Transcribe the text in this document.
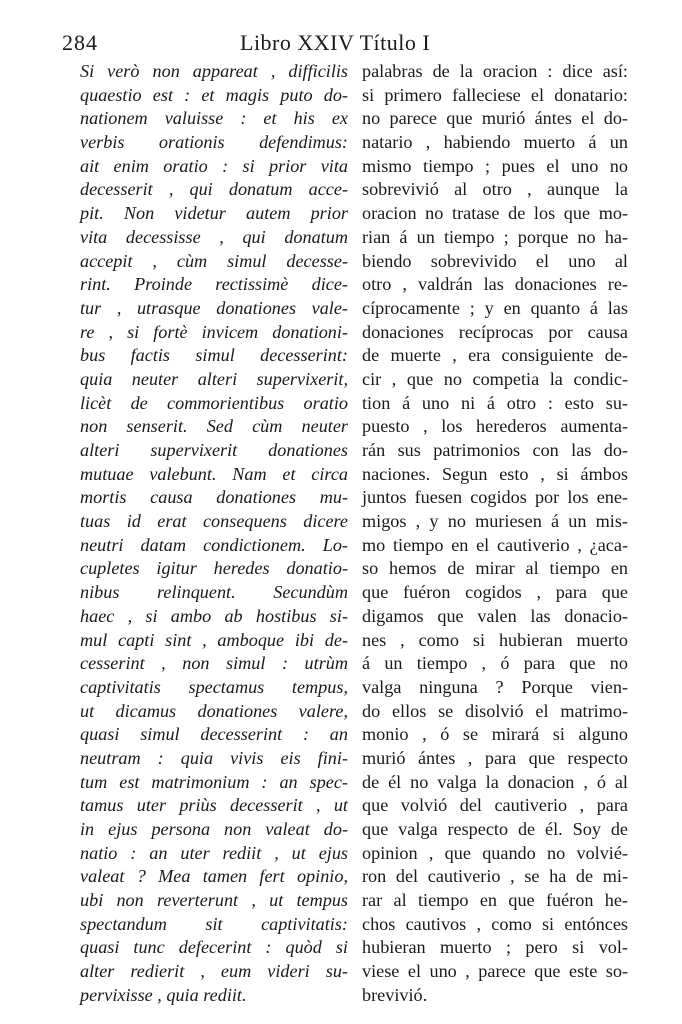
284	Libro XXIV Título I
Si verò non appareat , difficilis
quaestio est : et magis puto do-
nationem valuisse : et his ex
verbis orationis defendimus:
ait enim oratio : si prior vita
decesserit , qui donatum acce-
pit. Non videtur autem prior
vita decessisse , qui donatum
accepit , cùm simul decesse-
rint. Proinde rectissimè dice-
tur , utrasque donationes vale-
re , si fortè invicem donationi-
bus factis simul decesserint:
quia neuter alteri supervixerit,
licèt de commorientibus oratio
non senserit. Sed cùm neuter
alteri supervixerit donationes
mutuae valebunt. Nam et circa
mortis causa donationes mu-
tuas id erat consequens dicere
neutri datam condictionem. Lo-
cupletes igitur heredes donatio-
nibus relinquent. Secundùm
haec , si ambo ab hostibus si-
mul capti sint , amboque ibi de-
cesserint , non simul : utrùm
captivitatis spectamus tempus,
ut dicamus donationes valere,
quasi simul decesserint : an
neutram : quia vivis eis fini-
tum est matrimonium : an spec-
tamus uter priùs decesserit , ut
in ejus persona non valeat do-
natio : an uter rediit , ut ejus
valeat ? Mea tamen fert opinio,
ubi non reverterunt , ut tempus
spectandum sit captivitatis:
quasi tunc defecerint : quòd si
alter redierit , eum videri su-
pervixisse , quia rediit.
palabras de la oracion : dice así:
si primero falleciese el donatario:
no parece que murió ántes el do-
natario , habiendo muerto á un
mismo tiempo ; pues el uno no
sobrevivió al otro , aunque la
oracion no tratase de los que mo-
rian á un tiempo ; porque no ha-
biendo sobrevivido el uno al
otro , valdrán las donaciones re-
cíprocamente ; y en quanto á las
donaciones recíprocas por causa
de muerte , era consiguiente de-
cir , que no competia la condic-
tion á uno ni á otro : esto su-
puesto , los herederos aumenta-
rán sus patrimonios con las do-
naciones. Segun esto , si ámbos
juntos fuesen cogidos por los ene-
migos , y no muriesen á un mis-
mo tiempo en el cautiverio , ¿aca-
so hemos de mirar al tiempo en
que fuéron cogidos , para que
digamos que valen las donacio-
nes , como si hubieran muerto
á un tiempo , ó para que no
valga ninguna ? Porque vien-
do ellos se disolvió el matrimo-
monio , ó se mirará si alguno
murió ántes , para que respecto
de él no valga la donacion , ó al
que volvió del cautiverio , para
que valga respecto de él. Soy de
opinion , que quando no volvié-
ron del cautiverio , se ha de mi-
rar al tiempo en que fuéron he-
chos cautivos , como si entónces
hubieran muerto ; pero si vol-
viese el uno , parece que este so-
brevivió.
